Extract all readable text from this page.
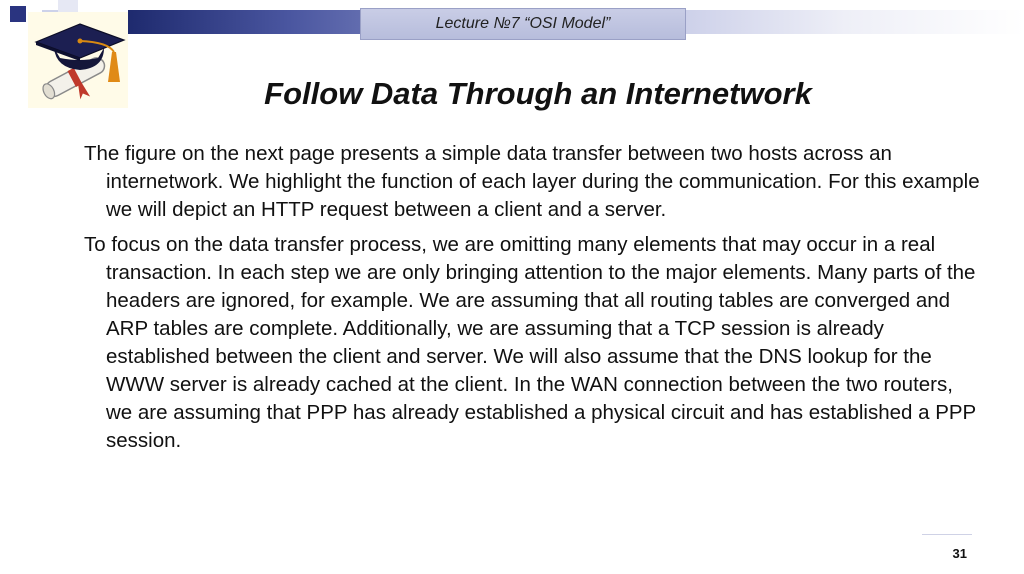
Lecture №7 “OSI Model”
Follow Data Through an Internetwork

The figure on the next page presents a simple data transfer between two hosts across an internetwork. We highlight the function of each layer during the communication. For this example we will depict an HTTP request between a client and a server.

To focus on the data transfer process, we are omitting many elements that may occur in a real transaction. In each step we are only bringing attention to the major elements. Many parts of the headers are ignored, for example. We are assuming that all routing tables are converged and ARP tables are complete. Additionally, we are assuming that a TCP session is already established between the client and server. We will also assume that the DNS lookup for the WWW server is already cached at the client. In the WAN connection between the two routers, we are assuming that PPP has already established a physical circuit and has established a PPP session.

31
